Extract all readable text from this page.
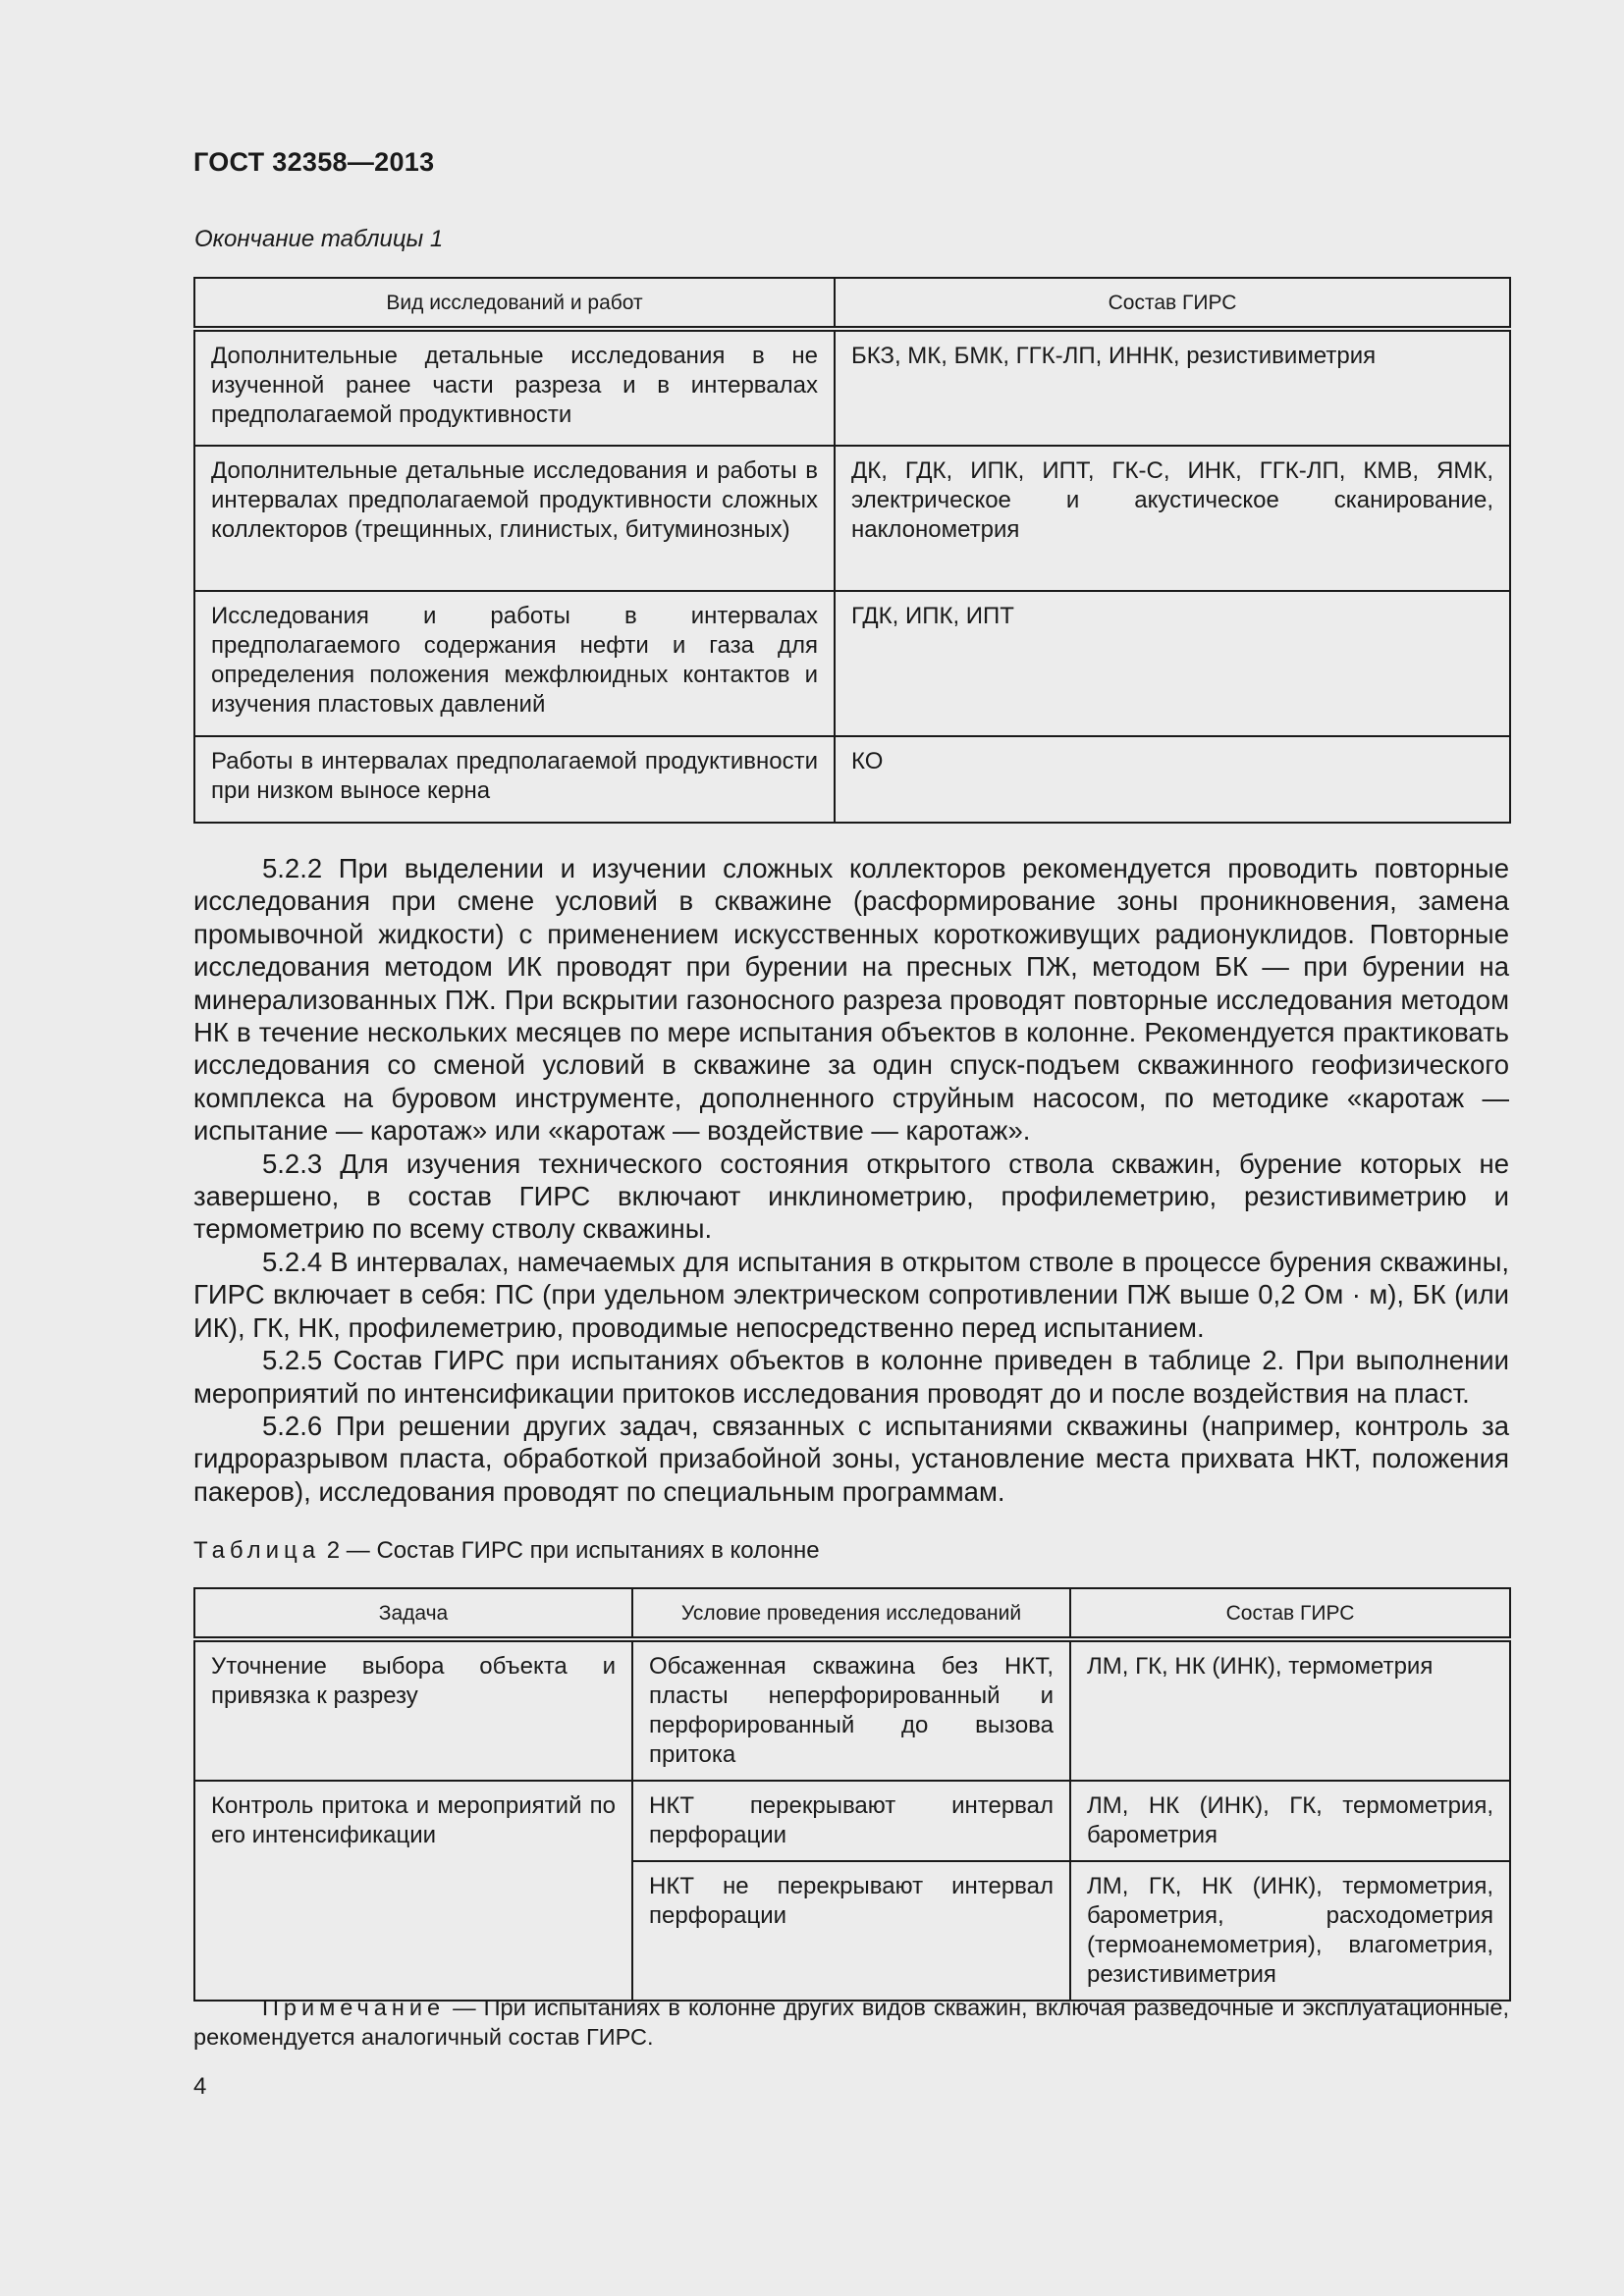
ГОСТ 32358—2013
Окончание таблицы 1
Вид исследований и работ	Состав ГИРС
Дополнительные детальные исследования в не изученной ранее части разреза и в интервалах предполагаемой продуктивности	БКЗ, МК, БМК, ГГК-ЛП, ИННК, резистивиметрия
Дополнительные детальные исследования и работы в интервалах предполагаемой продуктивности сложных коллекторов (трещинных, глинистых, битуминозных)	ДК, ГДК, ИПК, ИПТ, ГК-С, ИНК, ГГК-ЛП, КМВ, ЯМК, электрическое и акустическое сканирование, наклонометрия
Исследования и работы в интервалах предполагаемого содержания нефти и газа для определения положения межфлюидных контактов и изучения пластовых давлений	ГДК, ИПК, ИПТ
Работы в интервалах предполагаемой продуктивности при низком выносе керна	КО

5.2.2 При выделении и изучении сложных коллекторов рекомендуется проводить повторные исследования при смене условий в скважине (расформирование зоны проникновения, замена промывочной жидкости) с применением искусственных короткоживущих радионуклидов. Повторные исследования методом ИК проводят при бурении на пресных ПЖ, методом БК — при бурении на минерализованных ПЖ. При вскрытии газоносного разреза проводят повторные исследования методом НК в течение нескольких месяцев по мере испытания объектов в колонне. Рекомендуется практиковать исследования со сменой условий в скважине за один спуск-подъем скважинного геофизического комплекса на буровом инструменте, дополненного струйным насосом, по методике «каротаж — испытание — каротаж» или «каротаж — воздействие — каротаж».

5.2.3 Для изучения технического состояния открытого ствола скважин, бурение которых не завершено, в состав ГИРС включают инклинометрию, профилеметрию, резистивиметрию и термометрию по всему стволу скважины.

5.2.4 В интервалах, намечаемых для испытания в открытом стволе в процессе бурения скважины, ГИРС включает в себя: ПС (при удельном электрическом сопротивлении ПЖ выше 0,2 Ом · м), БК (или ИК), ГК, НК, профилеметрию, проводимые непосредственно перед испытанием.

5.2.5 Состав ГИРС при испытаниях объектов в колонне приведен в таблице 2. При выполнении мероприятий по интенсификации притоков исследования проводят до и после воздействия на пласт.

5.2.6 При решении других задач, связанных с испытаниями скважины (например, контроль за гидроразрывом пласта, обработкой призабойной зоны, установление места прихвата НКТ, положения пакеров), исследования проводят по специальным программам.

Таблица 2 — Состав ГИРС при испытаниях в колонне
Задача	Условие проведения исследований	Состав ГИРС
Уточнение выбора объекта и привязка к разрезу	Обсаженная скважина без НКТ, пласты неперфорированный и перфорированный до вызова притока	ЛМ, ГК, НК (ИНК), термометрия
Контроль притока и мероприятий по его интенсификации	НКТ перекрывают интервал перфорации	ЛМ, НК (ИНК), ГК, термометрия, барометрия
	НКТ не перекрывают интервал перфорации	ЛМ, ГК, НК (ИНК), термометрия, барометрия, расходометрия (термоанемометрия), влагометрия, резистивиметрия
Примечание — При испытаниях в колонне других видов скважин, включая разведочные и эксплуатационные, рекомендуется аналогичный состав ГИРС.
4
